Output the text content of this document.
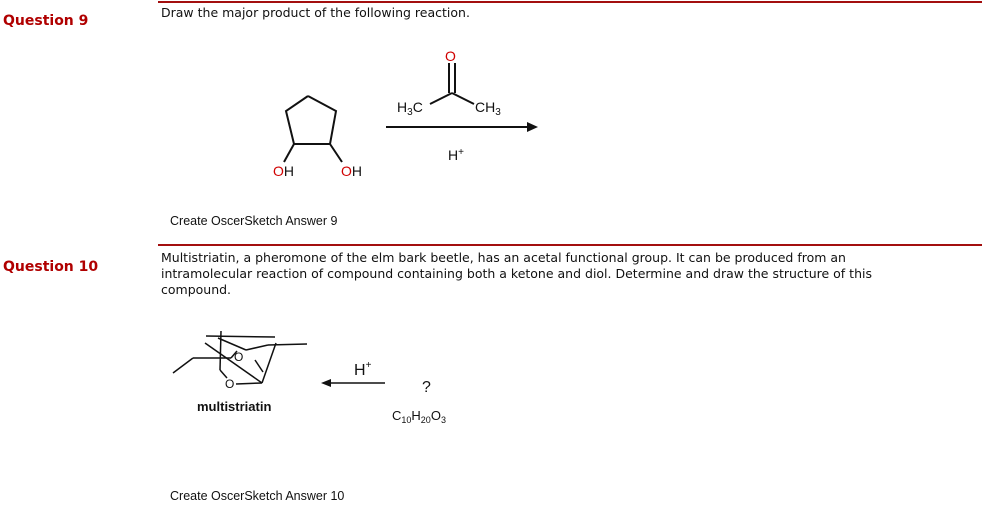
Question 9
Draw the major product of the following reaction.
OH	OH
O
$H_3C$	$CH_3$
H+
O
O
H+
?
$C_{10}H_{20}O_3$
Create OscerSketch Answer 9
Question 10
Multistriatin, a pheromone of the elm bark beetle, has an acetal functional group. It can be produced from an intramolecular reaction of compound containing both a ketone and diol. Determine and draw the structure of this compound.
multistriatin
Create OscerSketch Answer 10
